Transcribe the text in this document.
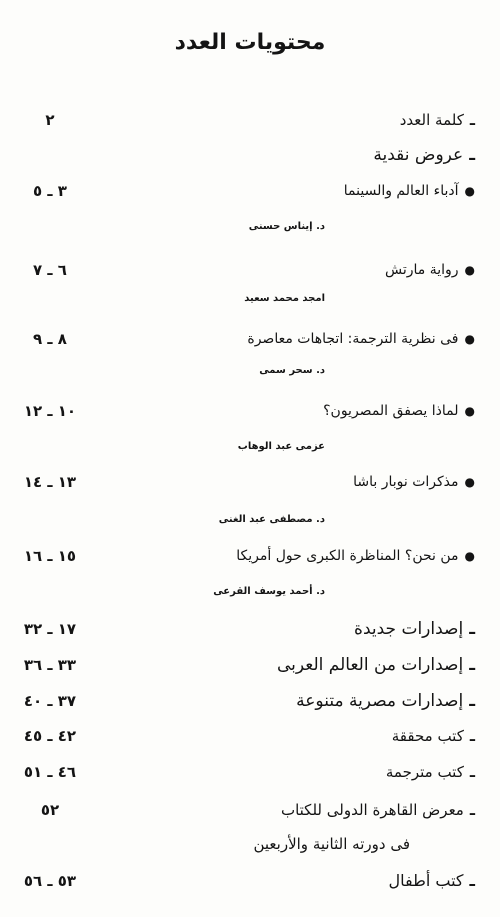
محتويات العدد
ـكلمة العدد
٢
ـعروض نقدية
●آدباء العالم والسينما
٣ ـ ٥
د. إيناس حسنى
●رواية مارتش
٦ ـ ٧
امجد محمد سعيد
●فى نظرية الترجمة: اتجاهات معاصرة
٨ ـ ٩
د. سحر سمى
●لماذا يصفق المصريون؟
١٠ ـ ١٢
عزمى عبد الوهاب
●مذكرات نوبار باشا
١٣ ـ ١٤
د. مصطفى عبد الغنى
●من نحن؟ المناظرة الكبرى حول أمريكا
١٥ ـ ١٦
د. أحمد يوسف القرعى
ـإصدارات جديدة
١٧ ـ ٣٢
ـإصدارات من العالم العربى
٣٣ ـ ٣٦
ـإصدارات مصرية متنوعة
٣٧ ـ ٤٠
ـكتب محققة
٤٢ ـ ٤٥
ـكتب مترجمة
٤٦ ـ ٥١
ـمعرض القاهرة الدولى للكتاب
٥٢
فى دورته الثانية والأربعين
ـكتب أطفال
٥٣ ـ ٥٦
